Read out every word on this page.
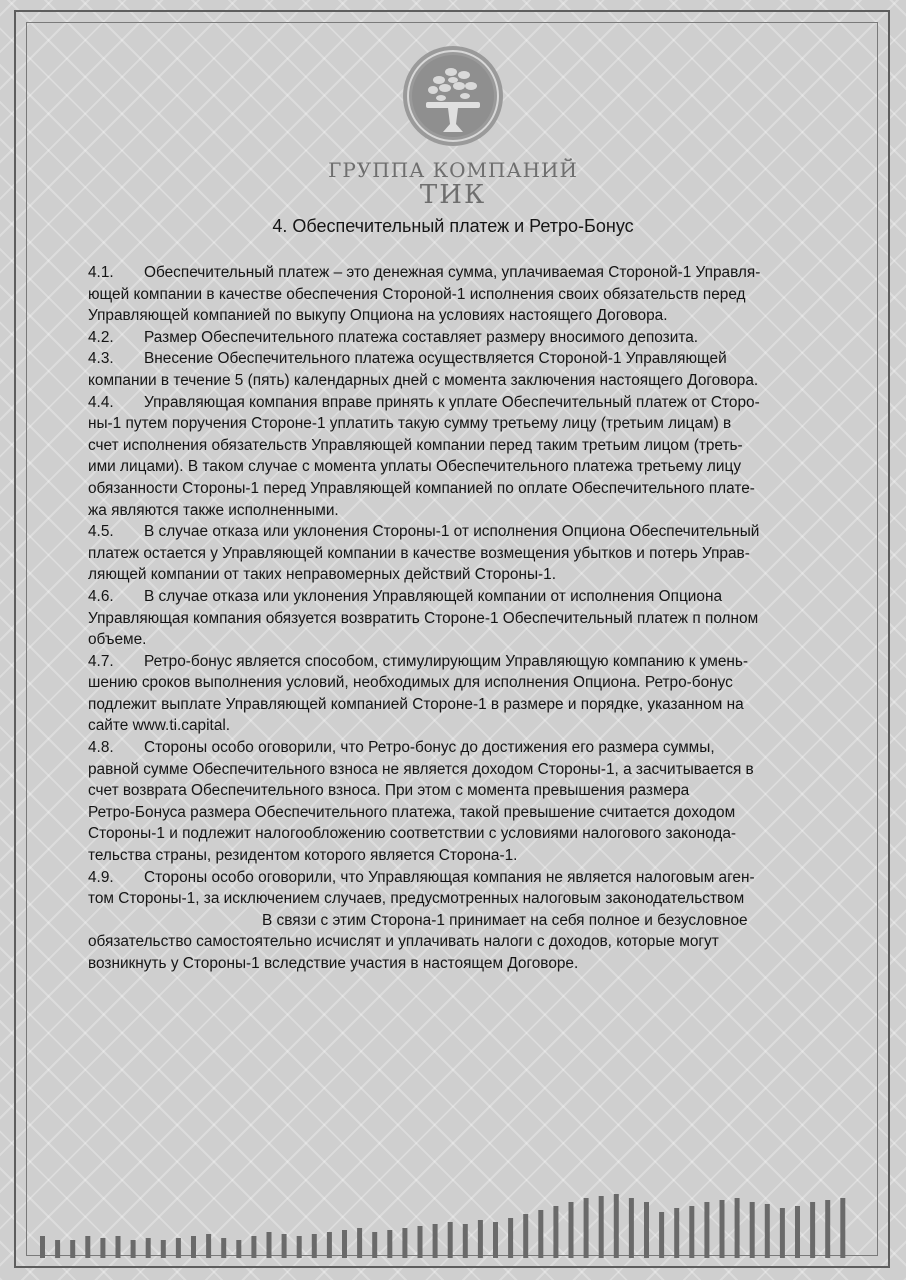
ГРУППА КОМПАНИЙ
ТИК
4. Обеспечительный платеж и Ретро-Бонус
4.1. Обеспечительный платеж – это денежная сумма, уплачиваемая Стороной-1 Управля-
ющей компании в качестве обеспечения Стороной-1 исполнения своих обязательств перед
Управляющей компанией по выкупу Опциона на условиях настоящего Договора.
4.2. Размер Обеспечительного платежа составляет размеру вносимого депозита.
4.3. Внесение Обеспечительного платежа осуществляется Стороной-1 Управляющей
компании в течение 5 (пять) календарных дней с момента заключения настоящего Договора.
4.4. Управляющая компания вправе принять к уплате Обеспечительный платеж от Сторо-
ны-1 путем поручения Стороне-1 уплатить такую сумму третьему лицу (третьим лицам) в
счет исполнения обязательств Управляющей компании перед таким третьим лицом (треть-
ими лицами). В таком случае с момента уплаты Обеспечительного платежа третьему лицу
обязанности Стороны-1 перед Управляющей компанией по оплате Обеспечительного плате-
жа являются также исполненными.
4.5. В случае отказа или уклонения Стороны-1 от исполнения Опциона Обеспечительный
платеж остается у Управляющей компании в качестве возмещения убытков и потерь Управ-
ляющей компании от таких неправомерных действий Стороны-1.
4.6. В случае отказа или уклонения Управляющей компании от исполнения Опциона
Управляющая компания обязуется возвратить Стороне-1 Обеспечительный платеж п полном
объеме.
4.7. Ретро-бонус является способом, стимулирующим Управляющую компанию к умень-
шению сроков выполнения условий, необходимых для исполнения Опциона. Ретро-бонус
подлежит выплате Управляющей компанией Стороне-1 в размере и порядке, указанном на
сайте www.ti.capital.
4.8. Стороны особо оговорили, что Ретро-бонус до достижения его размера суммы,
равной сумме Обеспечительного взноса не является доходом Стороны-1, а засчитывается в
счет возврата Обеспечительного взноса. При этом с момента превышения размера
Ретро-Бонуса размера Обеспечительного платежа, такой превышение считается доходом
Стороны-1 и подлежит налогообложению соответствии с условиями налогового законода-
тельства страны, резидентом которого является Сторона-1.
4.9. Стороны особо оговорили, что Управляющая компания не является налоговым аген-
том Стороны-1, за исключением случаев, предусмотренных налоговым законодательством
В связи с этим Сторона-1 принимает на себя полное и безусловное
обязательство самостоятельно исчислят и уплачивать налоги с доходов, которые могут
возникнуть у Стороны-1 вследствие участия в настоящем Договоре.
